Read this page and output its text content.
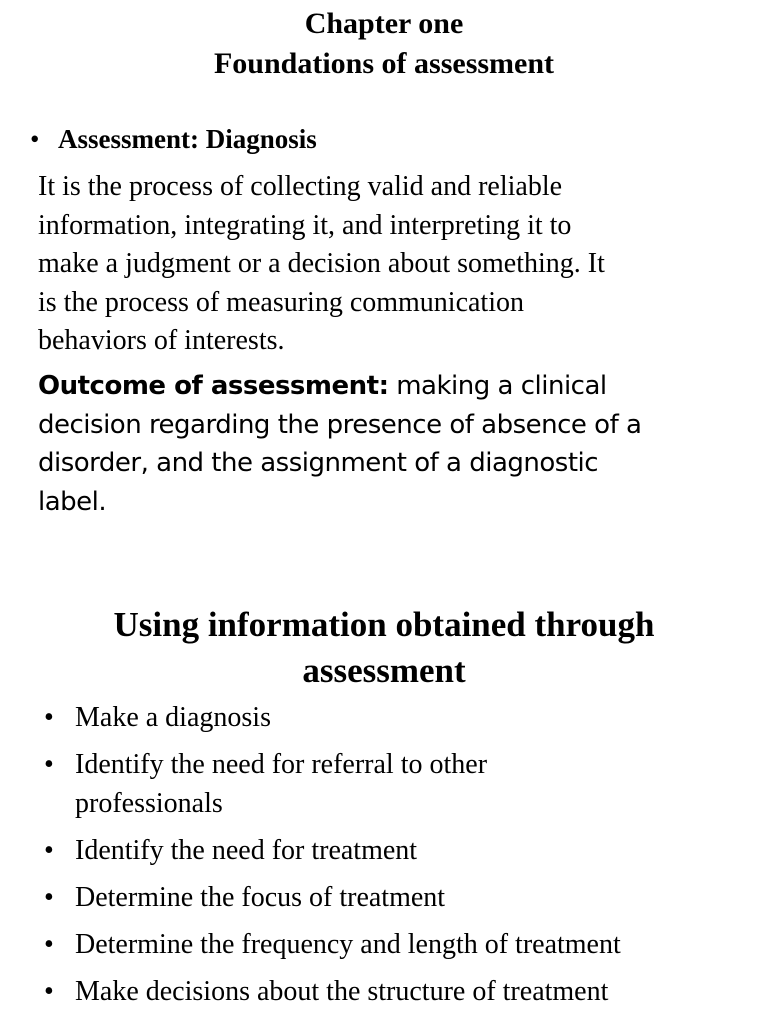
Chapter one
Foundations of assessment
• Assessment: Diagnosis
It is the process of collecting valid and reliable
information, integrating it, and interpreting it to
make a judgment or a decision about something. It
is the process of measuring communication
behaviors of interests.
Outcome of assessment: making a clinical
decision regarding the presence of absence of a
disorder, and the assignment of a diagnostic
label.
Using information obtained through
assessment
• Make a diagnosis
• Identify the need for referral to other
professionals
• Identify the need for treatment
• Determine the focus of treatment
• Determine the frequency and length of treatment
• Make decisions about the structure of treatment
